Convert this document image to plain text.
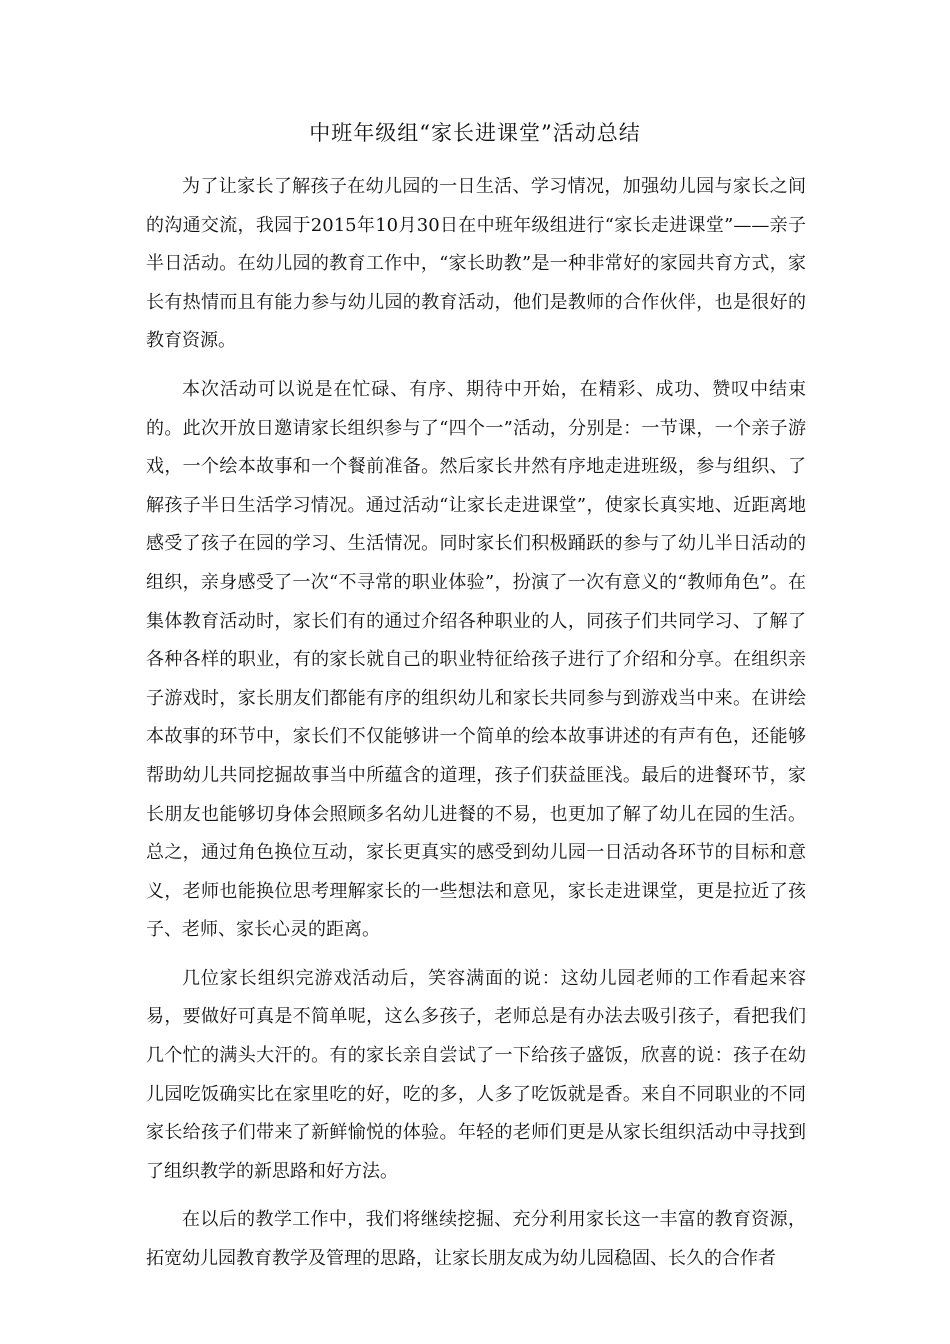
中班年级组“家长进课堂”活动总结

为了让家长了解孩子在幼儿园的一日生活、学习情况，加强幼儿园与家长之间的沟通交流，我园于2015年10月30日在中班年级组进行“家长走进课堂”——亲子半日活动。在幼儿园的教育工作中，“家长助教”是一种非常好的家园共育方式，家长有热情而且有能力参与幼儿园的教育活动，他们是教师的合作伙伴，也是很好的教育资源。

本次活动可以说是在忙碌、有序、期待中开始，在精彩、成功、赞叹中结束的。此次开放日邀请家长组织参与了“四个一”活动，分别是：一节课，一个亲子游戏，一个绘本故事和一个餐前准备。然后家长井然有序地走进班级，参与组织、了解孩子半日生活学习情况。通过活动“让家长走进课堂”，使家长真实地、近距离地感受了孩子在园的学习、生活情况。同时家长们积极踊跃的参与了幼儿半日活动的组织，亲身感受了一次“不寻常的职业体验”，扮演了一次有意义的“教师角色”。在集体教育活动时，家长们有的通过介绍各种职业的人，同孩子们共同学习、了解了各种各样的职业，有的家长就自己的职业特征给孩子进行了介绍和分享。在组织亲子游戏时，家长朋友们都能有序的组织幼儿和家长共同参与到游戏当中来。在讲绘本故事的环节中，家长们不仅能够讲一个简单的绘本故事讲述的有声有色，还能够帮助幼儿共同挖掘故事当中所蕴含的道理，孩子们获益匪浅。最后的进餐环节，家长朋友也能够切身体会照顾多名幼儿进餐的不易，也更加了解了幼儿在园的生活。总之，通过角色换位互动，家长更真实的感受到幼儿园一日活动各环节的目标和意义，老师也能换位思考理解家长的一些想法和意见，家长走进课堂，更是拉近了孩子、老师、家长心灵的距离。

几位家长组织完游戏活动后，笑容满面的说：这幼儿园老师的工作看起来容易，要做好可真是不简单呢，这么多孩子，老师总是有办法去吸引孩子，看把我们几个忙的满头大汗的。有的家长亲自尝试了一下给孩子盛饭，欣喜的说：孩子在幼儿园吃饭确实比在家里吃的好，吃的多，人多了吃饭就是香。来自不同职业的不同家长给孩子们带来了新鲜愉悦的体验。年轻的老师们更是从家长组织活动中寻找到了组织教学的新思路和好方法。

在以后的教学工作中，我们将继续挖掘、充分利用家长这一丰富的教育资源，拓宽幼儿园教育教学及管理的思路，让家长朋友成为幼儿园稳固、长久的合作者
